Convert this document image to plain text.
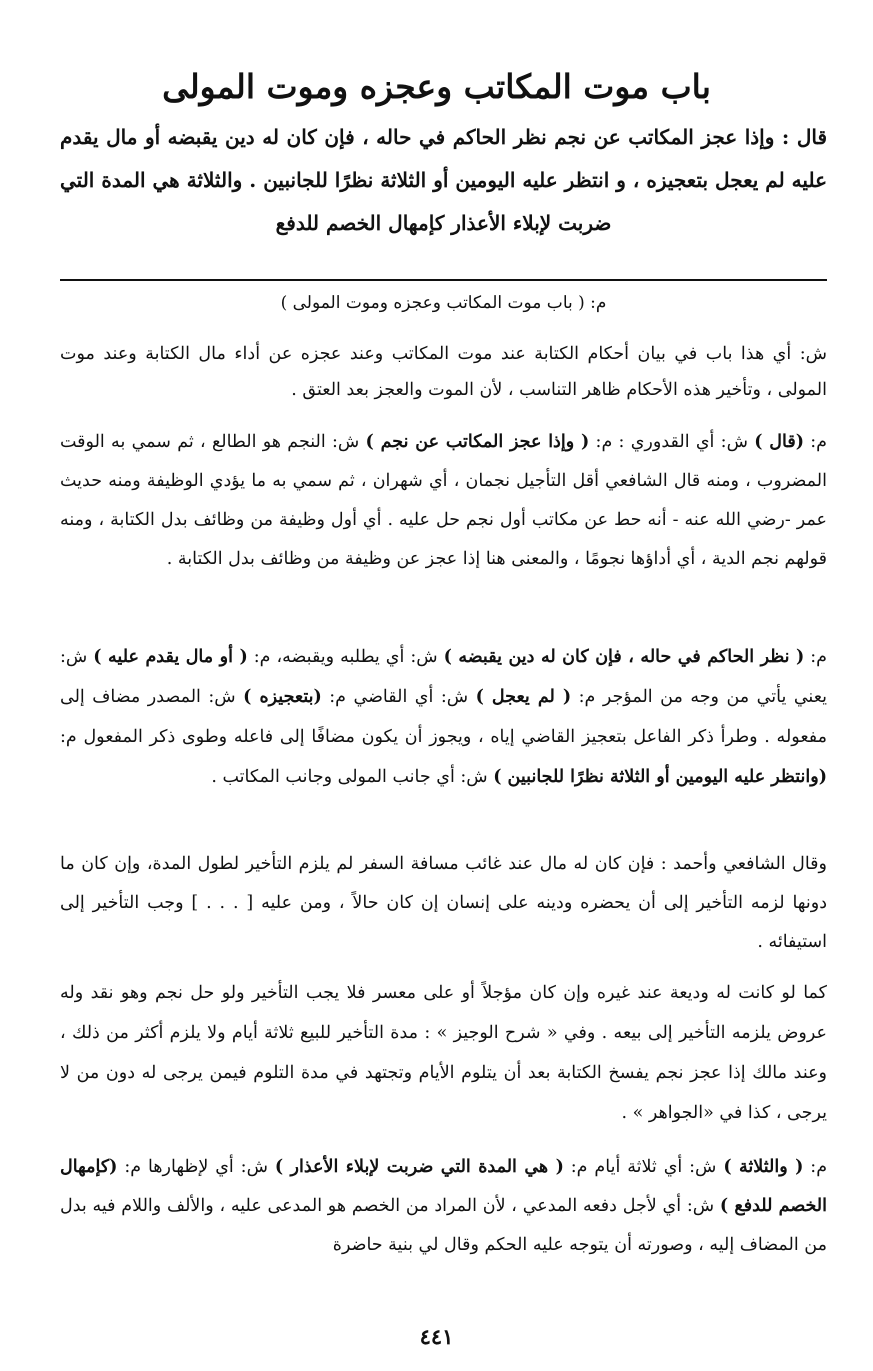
باب موت المكاتب وعجزه وموت المولى

قال : وإذا عجز المكاتب عن نجم نظر الحاكم في حاله ، فإن كان له دين يقبضه أو مال يقدم عليه لم يعجل بتعجيزه ، و انتظر عليه اليومين أو الثلاثة نظرًا للجانبين . والثلاثة هي المدة التي ضربت لإبلاء الأعذار كإمهال الخصم للدفع

م: ( باب موت المكاتب وعجزه وموت المولى )

ش: أي هذا باب في بيان أحكام الكتابة عند موت المكاتب وعند عجزه عن أداء مال الكتابة وعند موت المولى ، وتأخير هذه الأحكام ظاهر التناسب ، لأن الموت والعجز بعد العتق .

م: (قال ) ش: أي القدوري : م: ( وإذا عجز المكاتب عن نجم ) ش: النجم هو الطالع ، ثم سمي به الوقت المضروب ، ومنه قال الشافعي أقل التأجيل نجمان ، أي شهران ، ثم سمي به ما يؤدي الوظيفة ومنه حديث عمر -رضي الله عنه - أنه حط عن مكاتب أول نجم حل عليه . أي أول وظيفة من وظائف بدل الكتابة ، ومنه قولهم نجم الدية ، أي أداؤها نجومًا ، والمعنى هنا إذا عجز عن وظيفة من وظائف بدل الكتابة .

م: ( نظر الحاكم في حاله ، فإن كان له دين يقبضه ) ش: أي يطلبه ويقبضه، م: ( أو مال يقدم عليه ) ش: يعني يأتي من وجه من المؤجر م: ( لم يعجل ) ش: أي القاضي م: (بتعجيزه ) ش: المصدر مضاف إلى مفعوله . وطرأ ذكر الفاعل بتعجيز القاضي إياه ، ويجوز أن يكون مضافًا إلى فاعله وطوى ذكر المفعول م: (وانتظر عليه اليومين أو الثلاثة نظرًا للجانبين ) ش: أي جانب المولى وجانب المكاتب .

وقال الشافعي وأحمد : فإن كان له مال عند غائب مسافة السفر لم يلزم التأخير لطول المدة، وإن كان ما دونها لزمه التأخير إلى أن يحضره ودينه على إنسان إن كان حالاً ، ومن عليه [ . . . ] وجب التأخير إلى استيفائه .

كما لو كانت له وديعة عند غيره وإن كان مؤجلاً أو على معسر فلا يجب التأخير ولو حل نجم وهو نقد وله عروض يلزمه التأخير إلى بيعه . وفي « شرح الوجيز » : مدة التأخير للبيع ثلاثة أيام ولا يلزم أكثر من ذلك ، وعند مالك إذا عجز نجم يفسخ الكتابة بعد أن يتلوم الأيام وتجتهد في مدة التلوم فيمن يرجى له دون من لا يرجى ، كذا في «الجواهر » .

م: ( والثلاثة ) ش: أي ثلاثة أيام م: ( هي المدة التي ضربت لإبلاء الأعذار ) ش: أي لإظهارها م: (كإمهال الخصم للدفع ) ش: أي لأجل دفعه المدعي ، لأن المراد من الخصم هو المدعى عليه ، والألف واللام فيه بدل من المضاف إليه ، وصورته أن يتوجه عليه الحكم وقال لي بنية حاضرة

٤٤١
